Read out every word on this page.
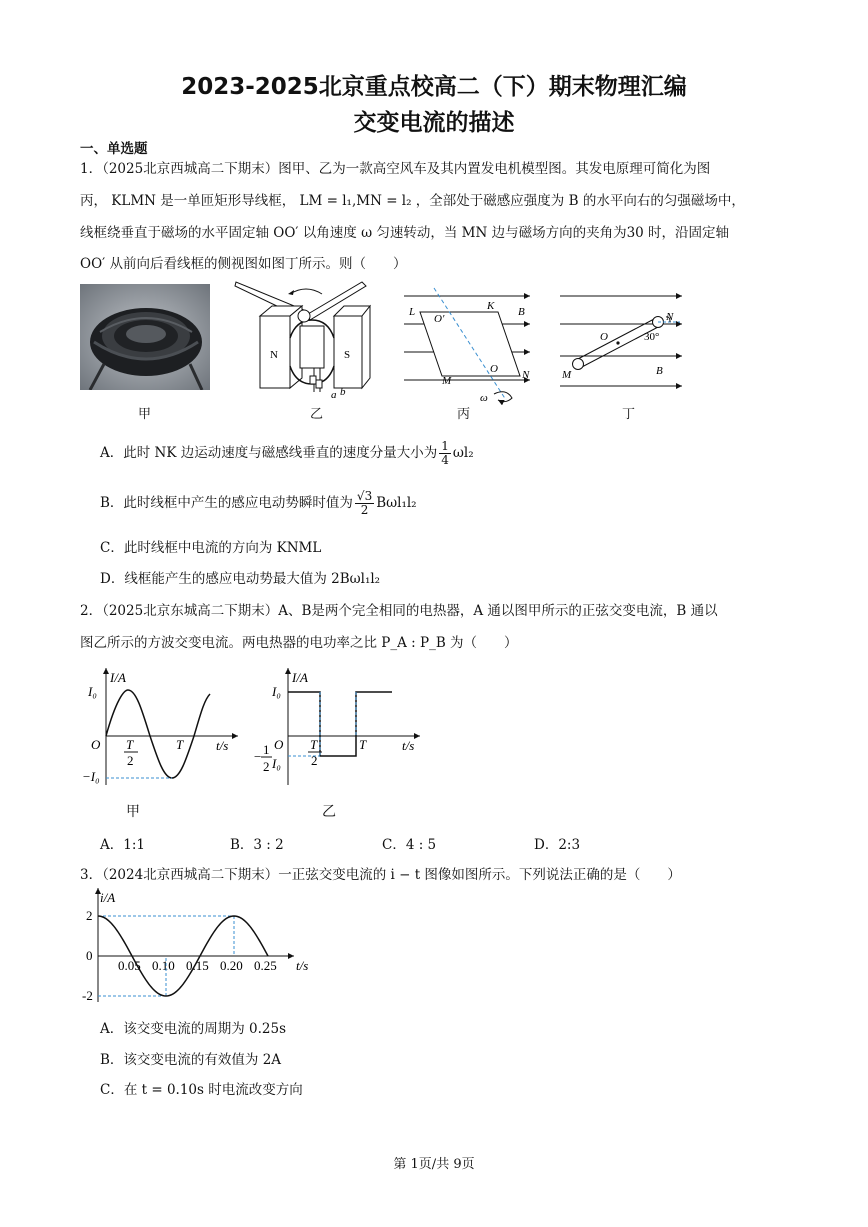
2023-2025北京重点校高二（下）期末物理汇编
交变电流的描述
一、单选题
1．（2025北京西城高二下期末）图甲、乙为一款高空风车及其内置发电机模型图。其发电原理可简化为图
丙， KLMN 是一单匝矩形导线框， LM = l₁,MN = l₂ ，全部处于磁感应强度为 B 的水平向右的匀强磁场中，
线框绕垂直于磁场的水平固定轴 OO′ 以角速度 ω 匀速转动，当 MN 边与磁场方向的夹角为30 时，沿固定轴
OO′ 从前向后看线框的侧视图如图丁所示。则（　　）
甲
N	S
a b
乙
L	K B
O′
M
O N
ω
丙
N
O	30°
M	B
丁
A．此时 NK 边运动速度与磁感线垂直的速度分量大小为 $\frac{1}{4} \omega l_2$
B．此时线框中产生的感应电动势瞬时值为 $\frac{√3}{2} B\omega l_1l_2$
C．此时线框中电流的方向为 KNML
D．线框能产生的感应电动势最大值为 2Bωl₁l₂
2．（2025北京东城高二下期末）A、B是两个完全相同的电热器，A 通以图甲所示的正弦交变电流，B 通以
图乙所示的方波交变电流。两电热器的电功率之比 P_A : P_B 为（　　）
I/A
I₀
−I₀
O T
2
T	t/s
甲
I/A
I₀
− 1
2 I₀
O T
2
T	t/s
乙
A．1:1	B．3 : 2	C．4 : 5	D．2:3
3．（2024北京西城高二下期末）一正弦交变电流的 i − t 图像如图所示。下列说法正确的是（　　）
i/A
t/s
0.05 0.10 0.15 0.20 0.25
2
0
-2
A．该交变电流的周期为 0.25s
B．该交变电流的有效值为 2A
C．在 t = 0.10s 时电流改变方向
第 1页/共 9页
